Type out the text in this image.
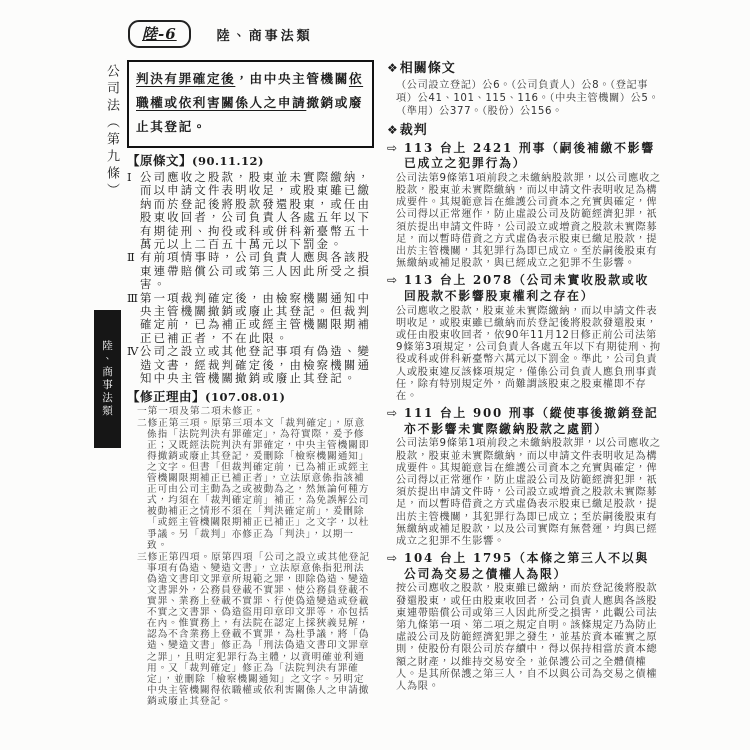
陸-6	陸、商事法類
公司法（第九條）
陸、商事法類
判決有罪確定後，由中央主管機關依職權或依利害關係人之申請撤銷或廢止其登記。
【原條文】(90.11.12)
Ⅰ 公司應收之股款，股東並未實際繳納，而以申請文件表明收足，或股東雖已繳納而於登記後將股款發還股東，或任由股東收回者，公司負責人各處五年以下有期徒刑、拘役或科或併科新臺幣五十萬元以上二百五十萬元以下罰金。
Ⅱ 有前項情事時，公司負責人應與各該股東連帶賠償公司或第三人因此所受之損害。
Ⅲ 第一項裁判確定後，由檢察機關通知中央主管機關撤銷或廢止其登記。但裁判確定前，已為補正或經主管機關限期補正已補正者，不在此限。
Ⅳ 公司之設立或其他登記事項有偽造、變造文書，經裁判確定後，由檢察機關通知中央主管機關撤銷或廢止其登記。
【修正理由】(107.08.01)
一第一項及第二項未修正。
二修正第三項。原第三項本文「裁判確定」，原意係指「法院判決有罪確定」，為符實際，爰予修正；又既經法院判決有罪確定，中央主管機關即得撤銷或廢止其登記，爰刪除「檢察機關通知」之文字。但書「但裁判確定前，已為補正或經主管機關限期補正已補正者」，立法原意係指該補正可由公司主動為之或被動為之，然無論何種方式，均須在「裁判確定前」補正，為免誤解公司被動補正之情形不須在「判決確定前」，爰刪除「或經主管機關限期補正已補正」之文字，以杜爭議。另「裁判」亦修正為「判決」，以期一致。
三修正第四項。原第四項「公司之設立或其他登記事項有偽造、變造文書」，立法原意係指犯刑法偽造文書印文罪章所規範之罪，即除偽造、變造文書罪外，公務員登載不實罪、使公務員登載不實罪、業務上登載不實罪、行使偽造變造或登載不實之文書罪、偽造盜用印章印文罪等，亦包括在內。惟實務上，有法院在認定上採狹義見解，認為不含業務上登載不實罪，為杜爭議，將「偽造、變造文書」修正為「刑法偽造文書印文罪章之罪」，且明定犯罪行為主體，以資明確並利適用。又「裁判確定」修正為「法院判決有罪確定」，並刪除「檢察機關通知」之文字。另明定中央主管機關得依職權或依利害關係人之申請撤銷或廢止其登記。
❖相關條文
（公司設立登記）公6。（公司負責人）公8。（登記事項）公41、101、115、116。（中央主管機關）公5。（準用）公377。（股份）公156。
❖裁判
⇨ 113 台上 2421 刑事（嗣後補繳不影響已成立之犯罪行為）
公司法第9條第1項前段之未繳納股款罪，以公司應收之股款，股東並未實際繳納，而以申請文件表明收足為構成要件。其規範意旨在維護公司資本之充實與確定，俾公司得以正常運作，防止虛設公司及防範經濟犯罪，祇須於提出申請文件時，公司設立或增資之股款未實際募足，而以暫時借資之方式虛偽表示股東已繳足股款，提出於主管機關，其犯罪行為即已成立。至於嗣後股東有無繳納或補足股款，與已經成立之犯罪不生影響。
⇨ 113 台上 2078（公司未實收股款或收回股款不影響股東權利之存在）
公司應收之股款，股東並未實際繳納，而以申請文件表明收足，或股東雖已繳納而於登記後將股款發還股東，或任由股東收回者，依90年11月12日修正前公司法第9條第3項規定，公司負責人各處五年以下有期徒刑、拘役或科或併科新臺幣六萬元以下罰金。準此，公司負責人或股東違反該條項規定，僅係公司負責人應負刑事責任，除有特別規定外，尚難謂該股東之股東權即不存在。
⇨ 111 台上 900 刑事（縱使事後撤銷登記亦不影響未實際繳納股款之處罰）
公司法第9條第1項前段之未繳納股款罪，以公司應收之股款，股東並未實際繳納，而以申請文件表明收足為構成要件。其規範意旨在維護公司資本之充實與確定，俾公司得以正常運作，防止虛設公司及防範經濟犯罪，祇須於提出申請文件時，公司設立或增資之股款未實際募足，而以暫時借資之方式虛偽表示股東已繳足股款，提出於主管機關，其犯罪行為即已成立；至於嗣後股東有無繳納或補足股款，以及公司實際有無營運，均與已經成立之犯罪不生影響。
⇨ 104 台上 1795（本條之第三人不以與公司為交易之債權人為限）
按公司應收之股款，股東雖已繳納，而於登記後將股款發還股東，或任由股東收回者，公司負責人應與各該股東連帶賠償公司或第三人因此所受之損害，此觀公司法第九條第一項、第二項之規定自明。該條規定乃為防止虛設公司及防範經濟犯罪之發生，並基於資本確實之原則，使股份有限公司於存續中，得以保持相當於資本總額之財產，以維持交易安全，並保護公司之全體債權人。是其所保護之第三人，自不以與公司為交易之債權人為限。
